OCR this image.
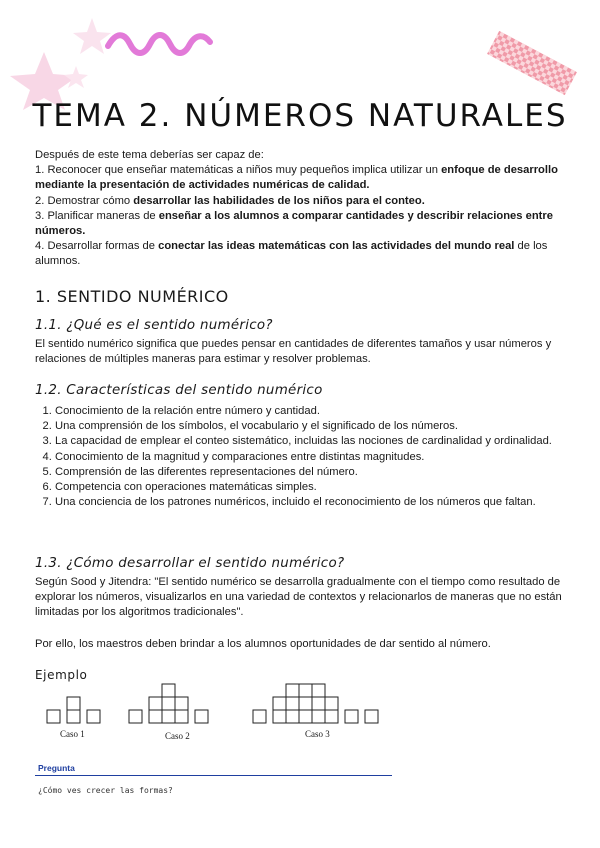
TEMA 2. NÚMEROS NATURALES

Después de este tema deberías ser capaz de:

1. Reconocer que enseñar matemáticas a niños muy pequeños implica utilizar un enfoque de desarrollo mediante la presentación de actividades numéricas de calidad.

2. Demostrar cómo desarrollar las habilidades de los niños para el conteo.

3. Planificar maneras de enseñar a los alumnos a comparar cantidades y describir relaciones entre números.

4. Desarrollar formas de conectar las ideas matemáticas con las actividades del mundo real de los alumnos.

1. SENTIDO NUMÉRICO
1.1. ¿Qué es el sentido numérico?

El sentido numérico significa que puedes pensar en cantidades de diferentes tamaños y usar números y relaciones de múltiples maneras para estimar y resolver problemas.

1.2. Características del sentido numérico
1. Conocimiento de la relación entre número y cantidad.
2. Una comprensión de los símbolos, el vocabulario y el significado de los números.
3. La capacidad de emplear el conteo sistemático, incluidas las nociones de cardinalidad y ordinalidad.
4. Conocimiento de la magnitud y comparaciones entre distintas magnitudes.
5. Comprensión de las diferentes representaciones del número.
6. Competencia con operaciones matemáticas simples.
7. Una conciencia de los patrones numéricos, incluido el reconocimiento de los números que faltan.
1.3. ¿Cómo desarrollar el sentido numérico?

Según Sood y Jitendra: "El sentido numérico se desarrolla gradualmente con el tiempo como resultado de explorar los números, visualizarlos en una variedad de contextos y relacionarlos de maneras que no están limitadas por los algoritmos tradicionales".

Por ello, los maestros deben brindar a los alumnos oportunidades de dar sentido al número.

Ejemplo
Caso 1	Caso 2	Caso 3
Pregunta
¿Cómo ves crecer las formas?
